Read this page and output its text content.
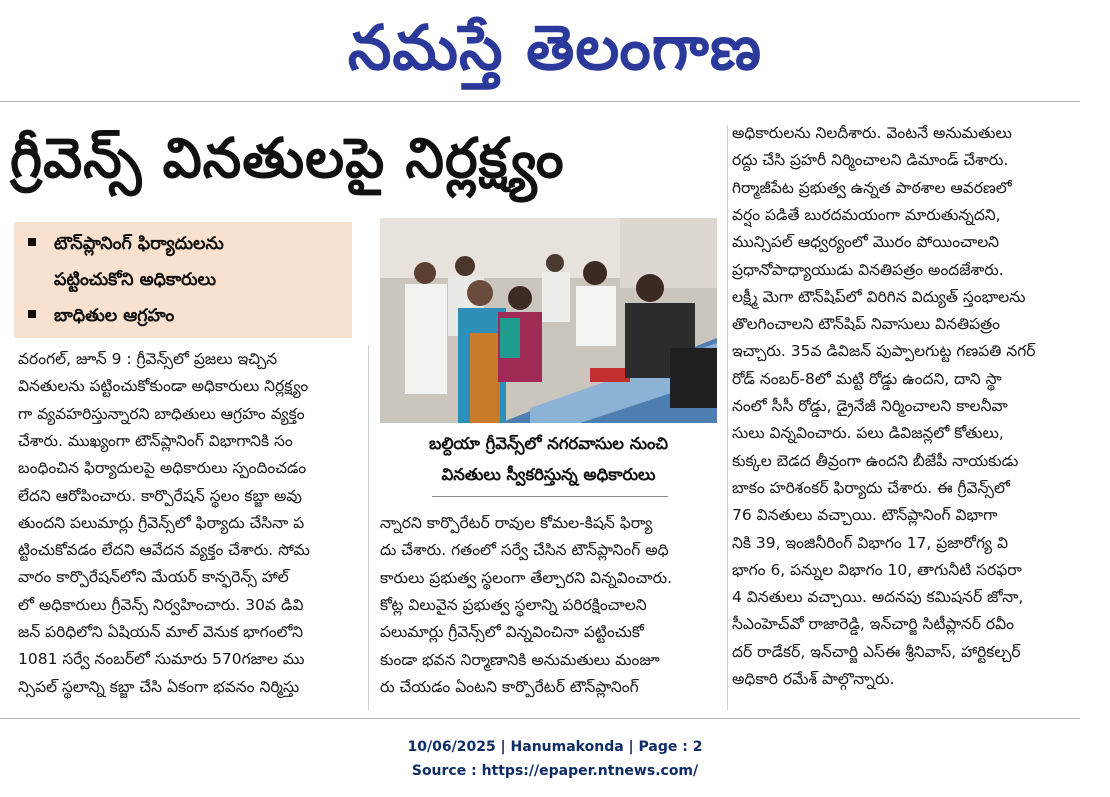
నమస్తే తెలంగాణ
గ్రీవెన్స్ వినతులపై నిర్లక్ష్యం
టౌన్‌ప్లానింగ్ ఫిర్యాదులను
పట్టించుకోని అధికారులు
బాధితుల ఆగ్రహం
వరంగల్, జూన్ 9 : గ్రీవెన్స్‌లో ప్రజలు ఇచ్చిన
వినతులను పట్టించుకోకుండా అధికారులు నిర్లక్ష్యం
గా వ్యవహరిస్తున్నారని బాధితులు ఆగ్రహం వ్యక్తం
చేశారు. ముఖ్యంగా టౌన్‌ప్లానింగ్ విభాగానికి సం
బంధించిన ఫిర్యాదులపై అధికారులు స్పందించడం
లేదని ఆరోపించారు. కార్పొరేషన్ స్థలం కబ్జా అవు
తుందని పలుమార్లు గ్రీవెన్స్‌లో ఫిర్యాదు చేసినా ప
ట్టించుకోవడం లేదని ఆవేదన వ్యక్తం చేశారు. సోమ
వారం కార్పొరేషన్‌లోని మేయర్ కాన్ఫరెన్స్ హాల్
లో అధికారులు గ్రీవెన్స్ నిర్వహించారు. 30వ డివి
జన్ పరిధిలోని ఏషియన్ మాల్ వెనుక భాగంలోని
1081 సర్వే నంబర్‌లో సుమారు 570గజాల ము
న్సిపల్ స్థలాన్ని కబ్జా చేసి ఏకంగా భవనం నిర్మిస్తు
బల్దియా గ్రీవెన్స్‌లో నగరవాసుల నుంచి
వినతులు స్వీకరిస్తున్న అధికారులు
న్నారని కార్పొరేటర్ రావుల కోమల-కిషన్ ఫిర్యా
దు చేశారు. గతంలో సర్వే చేసిన టౌన్‌ప్లానింగ్ అధి
కారులు ప్రభుత్వ స్థలంగా తేల్చారని విన్నవించారు.
కోట్ల విలువైన ప్రభుత్వ స్థలాన్ని పరిరక్షించాలని
పలుమార్లు గ్రీవెన్స్‌లో విన్నవించినా పట్టించుకో
కుండా భవన నిర్మాణానికి అనుమతులు మంజూ
రు చేయడం ఏంటని కార్పొరేటర్ టౌన్‌ప్లానింగ్
అధికారులను నిలదీశారు. వెంటనే అనుమతులు
రద్దు చేసి ప్రహరీ నిర్మించాలని డిమాండ్ చేశారు.
గిర్మాజీపేట ప్రభుత్వ ఉన్నత పాఠశాల ఆవరణలో
వర్షం పడితే బురదమయంగా మారుతున్నదని,
మున్సిపల్ ఆధ్వర్యంలో మొరం పోయించాలని
ప్రధానోపాధ్యాయుడు వినతిపత్రం అందజేశారు.
లక్ష్మీ మెగా టౌన్‌షిప్‌లో విరిగిన విద్యుత్ స్తంభాలను
తొలగించాలని టౌన్‌షిప్ నివాసులు వినతిపత్రం
ఇచ్చారు. 35వ డివిజన్ పుప్పాలగుట్ట గణపతి నగర్
రోడ్ నంబర్-8లో మట్టి రోడ్డు ఉందని, దాని స్థా
నంలో సీసీ రోడ్డు, డ్రైనేజీ నిర్మించాలని కాలనీవా
సులు విన్నవించారు. పలు డివిజన్లలో కోతులు,
కుక్కల బెడద తీవ్రంగా ఉందని బీజేపీ నాయకుడు
బాకం హరిశంకర్ ఫిర్యాదు చేశారు. ఈ గ్రీవెన్స్‌లో
76 వినతులు వచ్చాయి. టౌన్‌ప్లానింగ్ విభాగా
నికి 39, ఇంజినీరింగ్ విభాగం 17, ప్రజారోగ్య వి
భాగం 6, పన్నుల విభాగం 10, తాగునీటి సరఫరా
4 వినతులు వచ్చాయి. అదనపు కమిషనర్ జోనా,
సీఎంహెచ్‌వో రాజారెడ్డి, ఇన్‌చార్జి సిటీప్లానర్ రవీం
దర్ రాడేకర్, ఇన్‌చార్జి ఎస్ఈ శ్రీనివాస్, హార్టికల్చర్
అధికారి రమేశ్ పాల్గొన్నారు.
10/06/2025 | Hanumakonda | Page : 2
Source : https://epaper.ntnews.com/
